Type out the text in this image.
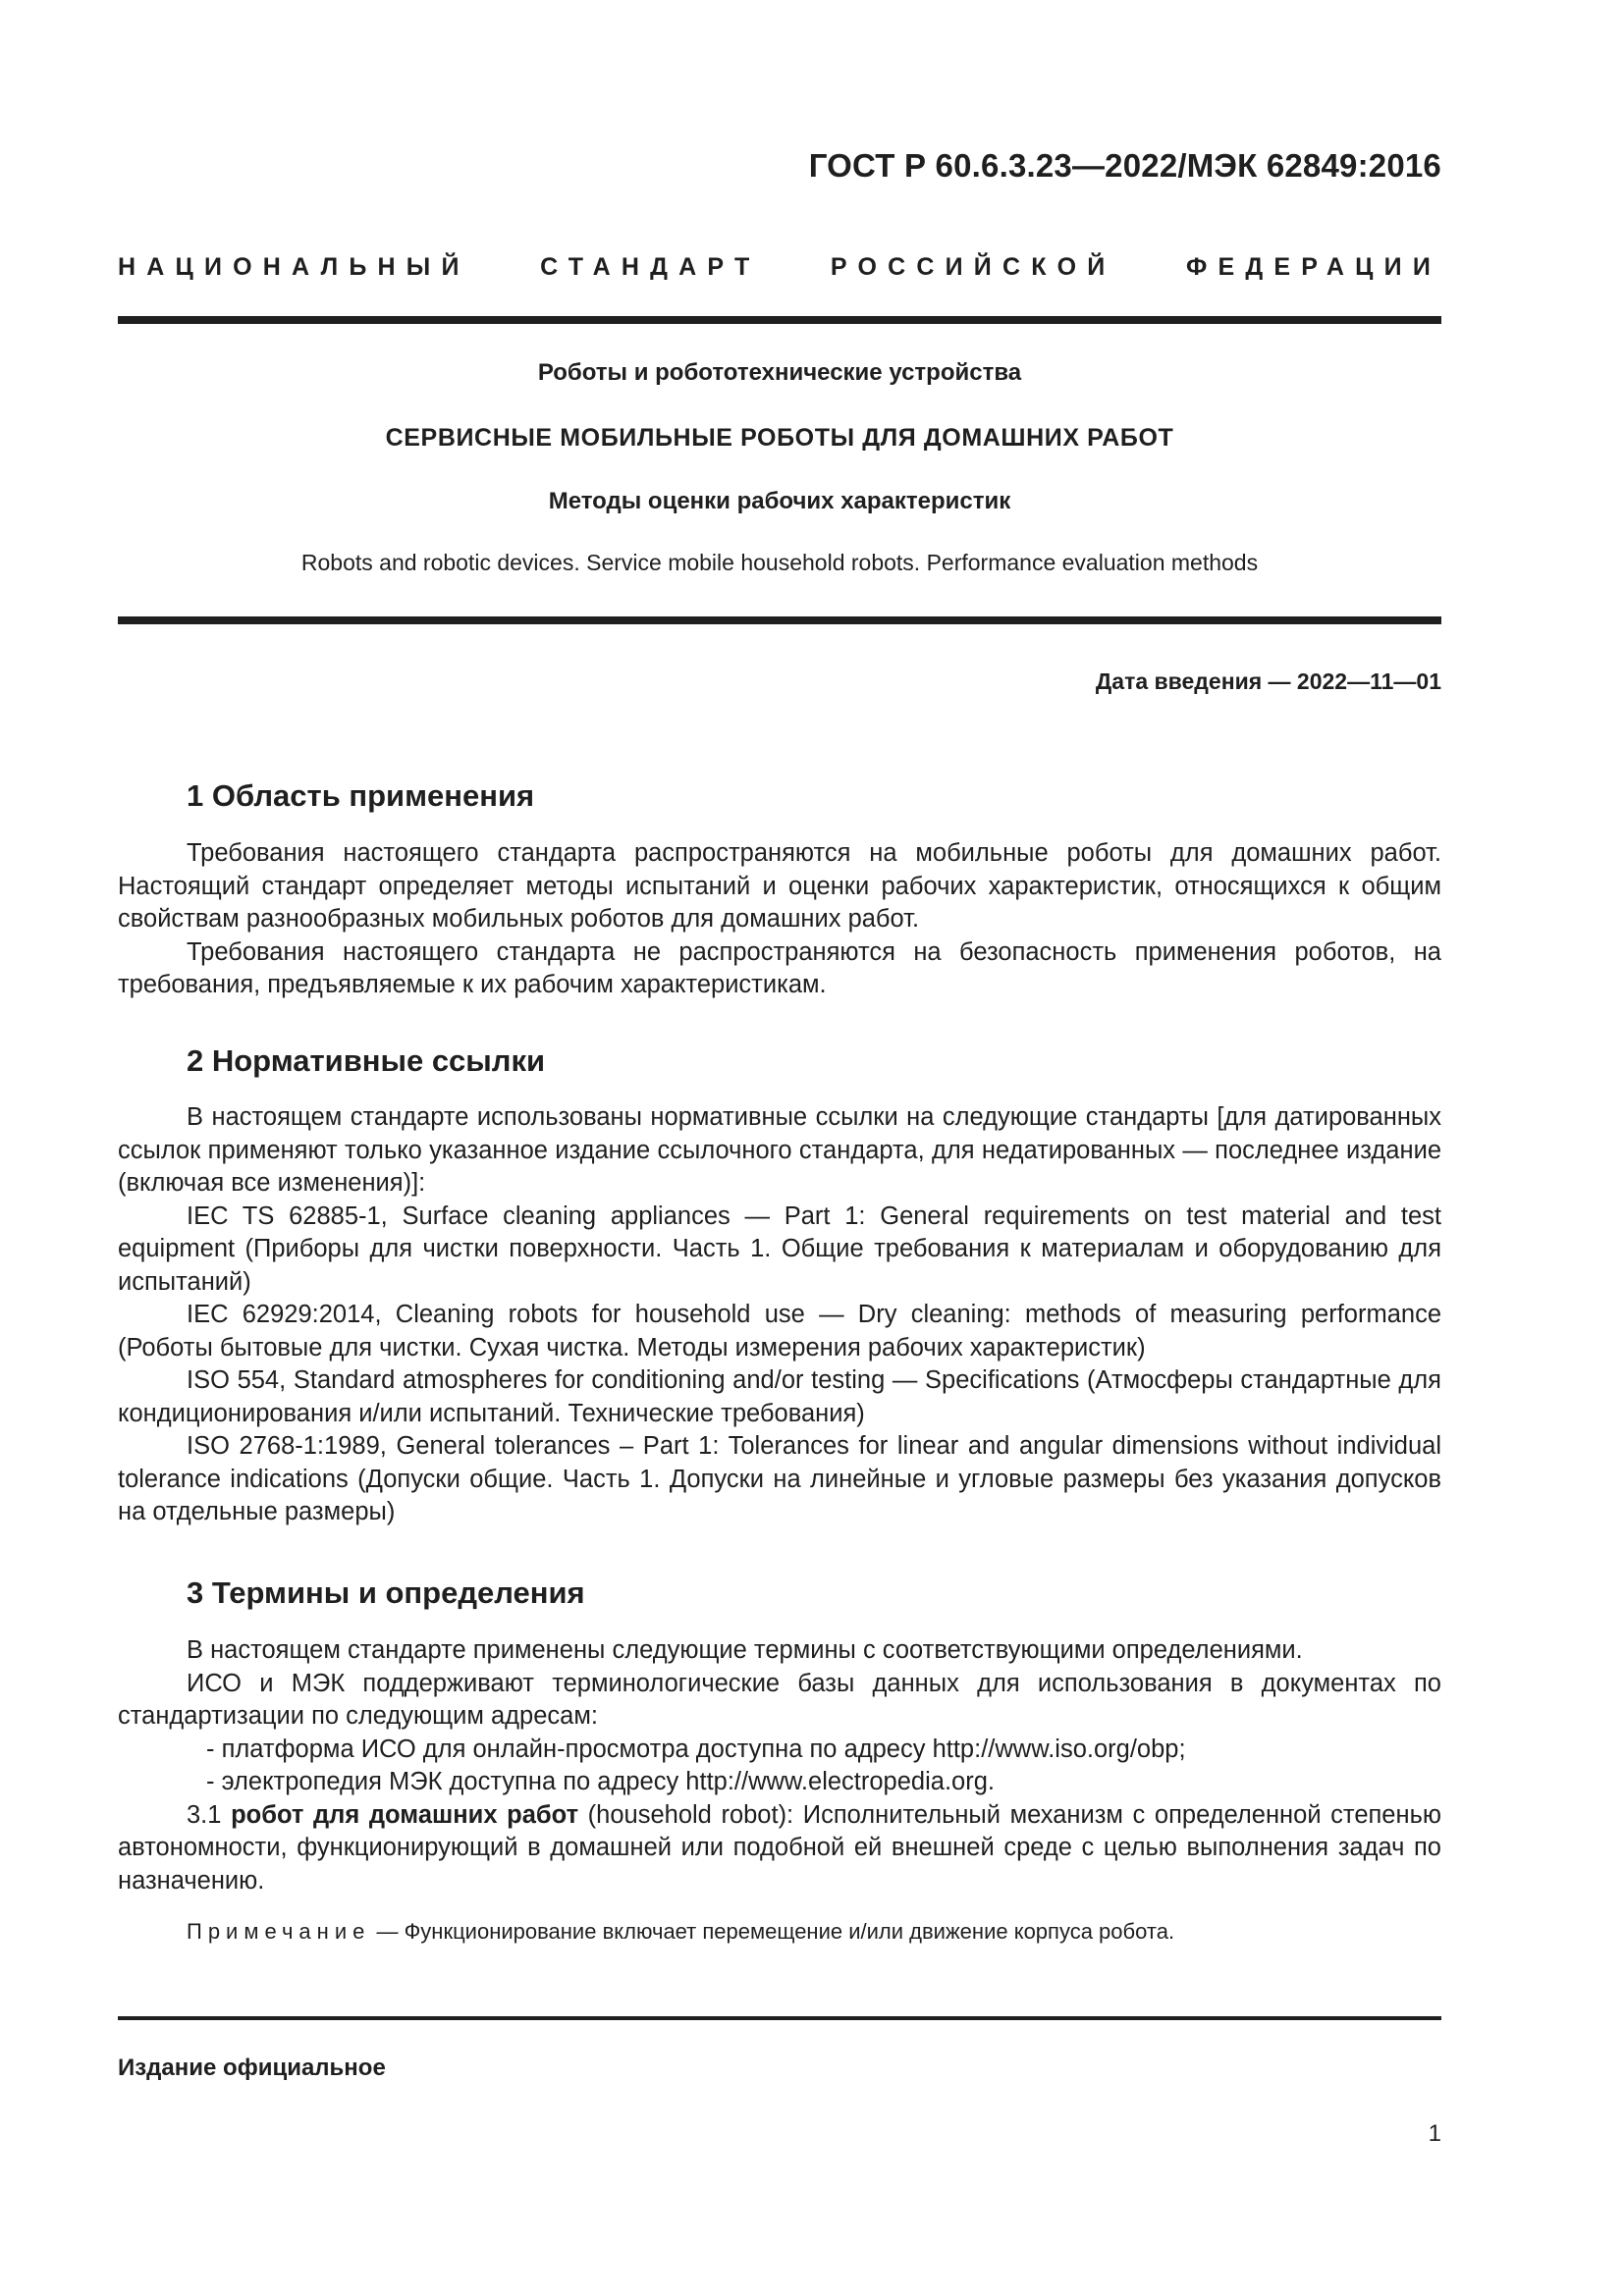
ГОСТ Р 60.6.3.23—2022/МЭК 62849:2016
НАЦИОНАЛЬНЫЙ СТАНДАРТ РОССИЙСКОЙ ФЕДЕРАЦИИ
Роботы и робототехнические устройства
СЕРВИСНЫЕ МОБИЛЬНЫЕ РОБОТЫ ДЛЯ ДОМАШНИХ РАБОТ
Методы оценки рабочих характеристик
Robots and robotic devices. Service mobile household robots. Performance evaluation methods
Дата введения — 2022—11—01
1 Область применения

Требования настоящего стандарта распространяются на мобильные роботы для домашних работ. Настоящий стандарт определяет методы испытаний и оценки рабочих характеристик, относящихся к общим свойствам разнообразных мобильных роботов для домашних работ.

Требования настоящего стандарта не распространяются на безопасность применения роботов, на требования, предъявляемые к их рабочим характеристикам.

2 Нормативные ссылки

В настоящем стандарте использованы нормативные ссылки на следующие стандарты [для датированных ссылок применяют только указанное издание ссылочного стандарта, для недатированных — последнее издание (включая все изменения)]:

IEC TS 62885-1, Surface cleaning appliances — Part 1: General requirements on test material and test equipment (Приборы для чистки поверхности. Часть 1. Общие требования к материалам и оборудованию для испытаний)

IEC 62929:2014, Cleaning robots for household use — Dry cleaning: methods of measuring performance (Роботы бытовые для чистки. Сухая чистка. Методы измерения рабочих характеристик)

ISO 554, Standard atmospheres for conditioning and/or testing — Specifications (Атмосферы стандартные для кондиционирования и/или испытаний. Технические требования)

ISO 2768-1:1989, General tolerances – Part 1: Tolerances for linear and angular dimensions without individual tolerance indications (Допуски общие. Часть 1. Допуски на линейные и угловые размеры без указания допусков на отдельные размеры)

3 Термины и определения

В настоящем стандарте применены следующие термины с соответствующими определениями.

ИСО и МЭК поддерживают терминологические базы данных для использования в документах по стандартизации по следующим адресам:

- платформа ИСО для онлайн-просмотра доступна по адресу http://www.iso.org/obp;

- электропедия МЭК доступна по адресу http://www.electropedia.org.

3.1 робот для домашних работ (household robot): Исполнительный механизм с определенной степенью автономности, функционирующий в домашней или подобной ей внешней среде с целью выполнения задач по назначению.

Примечание — Функционирование включает перемещение и/или движение корпуса робота.
Издание официальное
1
